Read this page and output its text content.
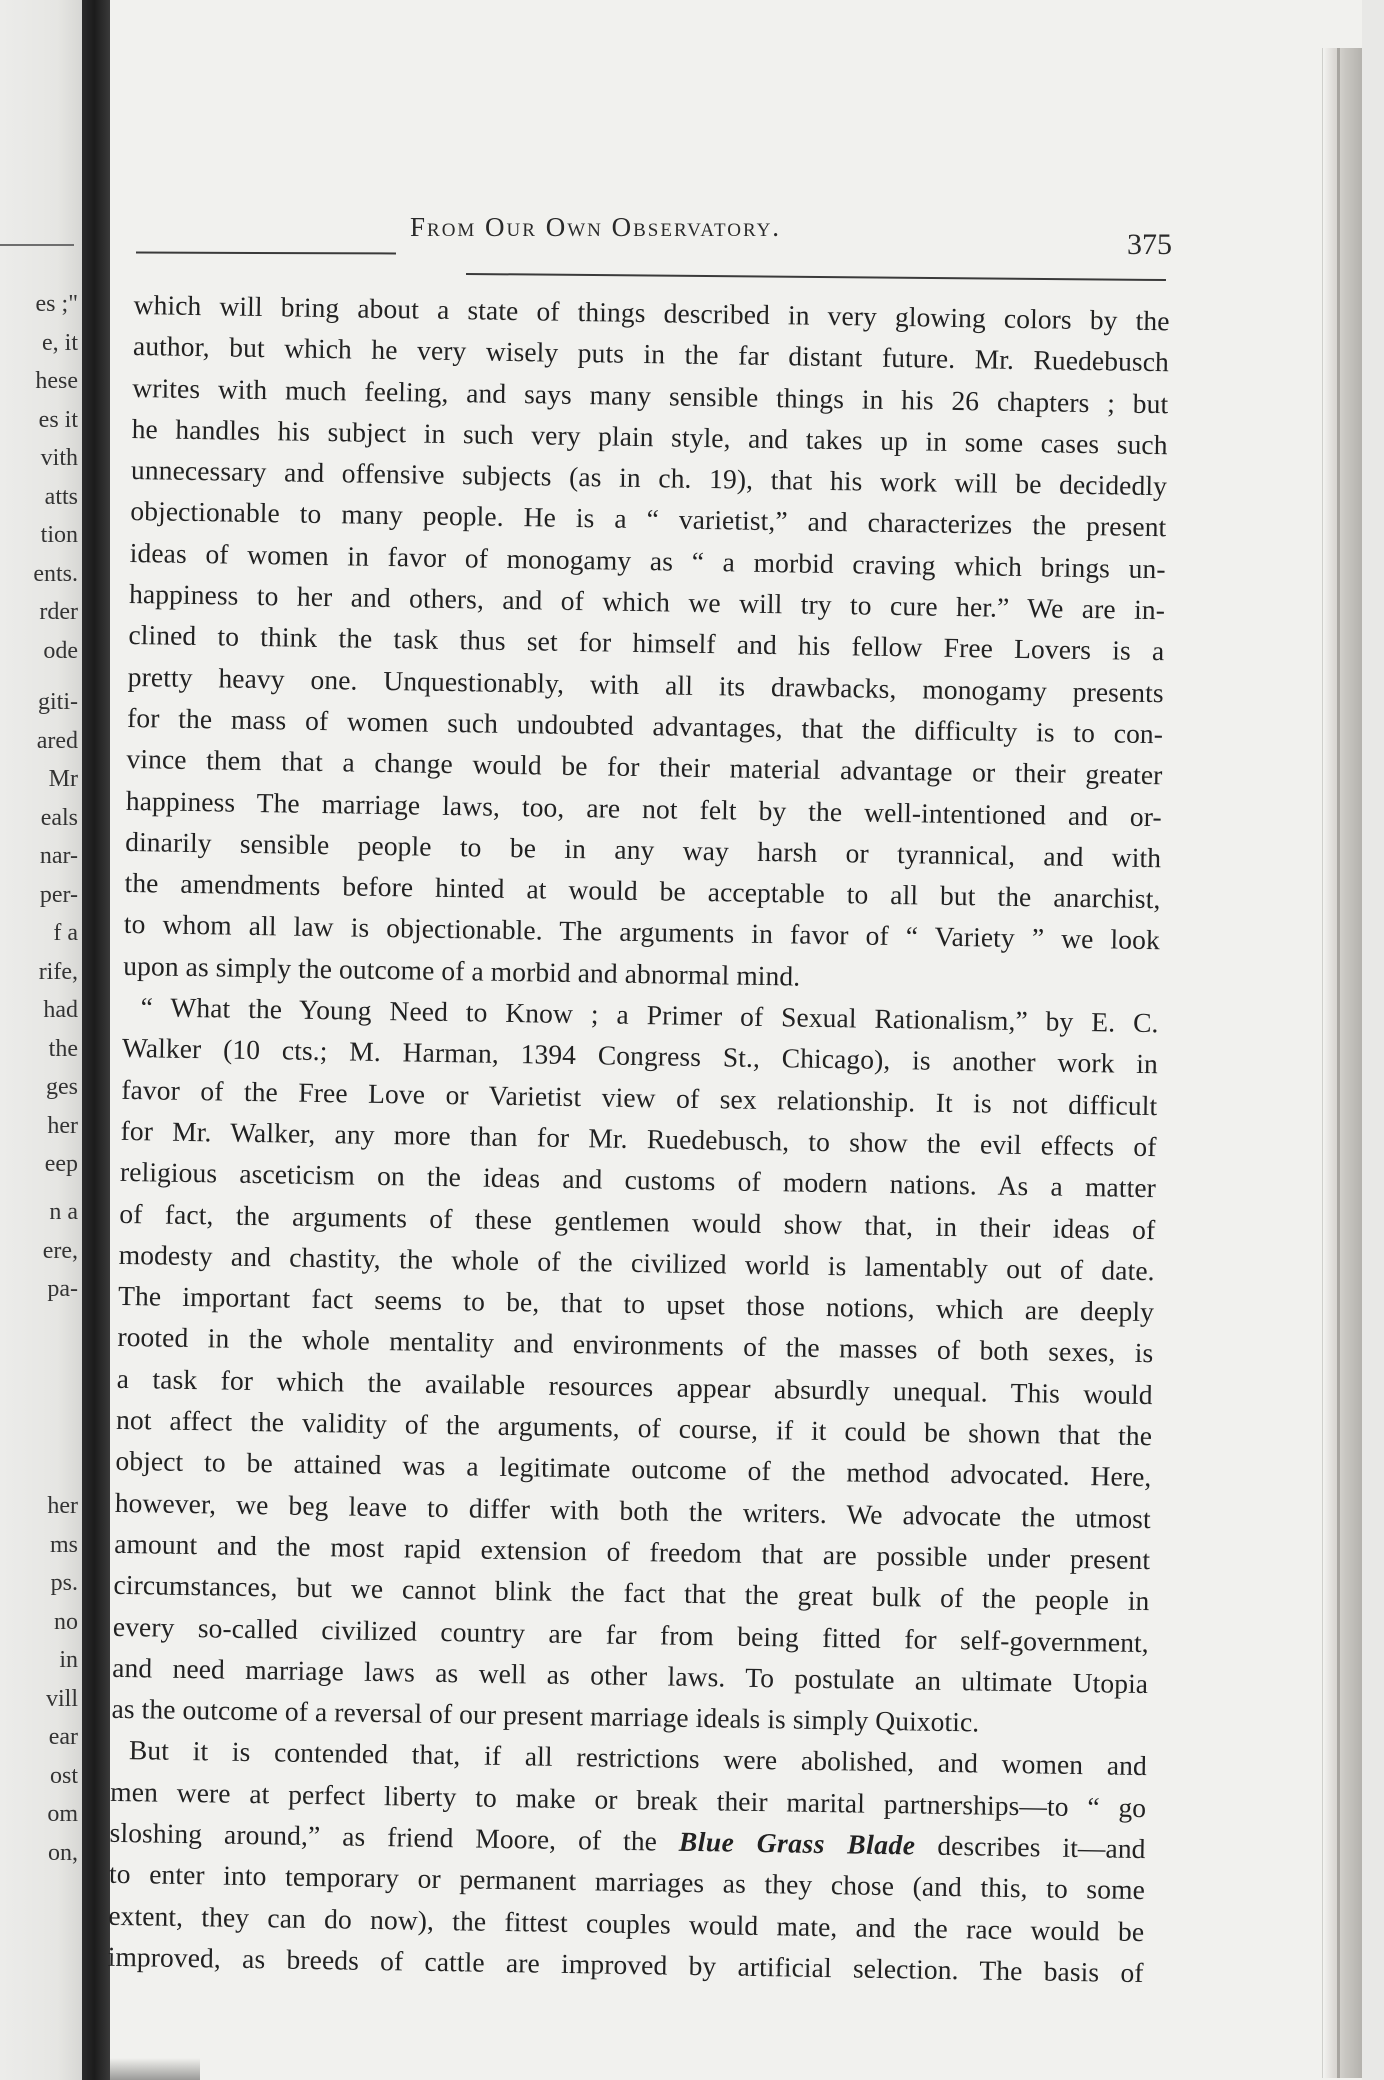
es ;"
e, it
hese
es it
vith
atts
tion
ents.
rder
ode
giti-
ared
Mr
eals
nar-
per-
f a
rife,
had
the
ges
her
eep
n a
ere,
pa-
her
ms
ps.
no
in
vill
ear
ost
om
on,
From Our Own Observatory.
375
which will bring about a state of things described in very glowing colors by the
author, but which he very wisely puts in the far distant future. Mr. Ruedebusch
writes with much feeling, and says many sensible things in his 26 chapters ; but
he handles his subject in such very plain style, and takes up in some cases such
unnecessary and offensive subjects (as in ch. 19), that his work will be decidedly
objectionable to many people. He is a “ varietist,” and characterizes the present
ideas of women in favor of monogamy as “ a morbid craving which brings un-
happiness to her and others, and of which we will try to cure her.” We are in-
clined to think the task thus set for himself and his fellow Free Lovers is a
pretty heavy one. Unquestionably, with all its drawbacks, monogamy presents
for the mass of women such undoubted advantages, that the difficulty is to con-
vince them that a change would be for their material advantage or their greater
happiness The marriage laws, too, are not felt by the well-intentioned and or-
dinarily sensible people to be in any way harsh or tyrannical, and with
the amendments before hinted at would be acceptable to all but the anarchist,
to whom all law is objectionable. The arguments in favor of “ Variety ” we look
upon as simply the outcome of a morbid and abnormal mind.
“ What the Young Need to Know ; a Primer of Sexual Rationalism,” by E. C.
Walker (10 cts.; M. Harman, 1394 Congress St., Chicago), is another work in
favor of the Free Love or Varietist view of sex relationship. It is not difficult
for Mr. Walker, any more than for Mr. Ruedebusch, to show the evil effects of
religious asceticism on the ideas and customs of modern nations. As a matter
of fact, the arguments of these gentlemen would show that, in their ideas of
modesty and chastity, the whole of the civilized world is lamentably out of date.
The important fact seems to be, that to upset those notions, which are deeply
rooted in the whole mentality and environments of the masses of both sexes, is
a task for which the available resources appear absurdly unequal. This would
not affect the validity of the arguments, of course, if it could be shown that the
object to be attained was a legitimate outcome of the method advocated. Here,
however, we beg leave to differ with both the writers. We advocate the utmost
amount and the most rapid extension of freedom that are possible under present
circumstances, but we cannot blink the fact that the great bulk of the people in
every so-called civilized country are far from being fitted for self-government,
and need marriage laws as well as other laws. To postulate an ultimate Utopia
as the outcome of a reversal of our present marriage ideals is simply Quixotic.
But it is contended that, if all restrictions were abolished, and women and
men were at perfect liberty to make or break their marital partnerships—to “ go
sloshing around,” as friend Moore, of the Blue Grass Blade describes it—and
to enter into temporary or permanent marriages as they chose (and this, to some
extent, they can do now), the fittest couples would mate, and the race would be
improved, as breeds of cattle are improved by artificial selection. The basis of
